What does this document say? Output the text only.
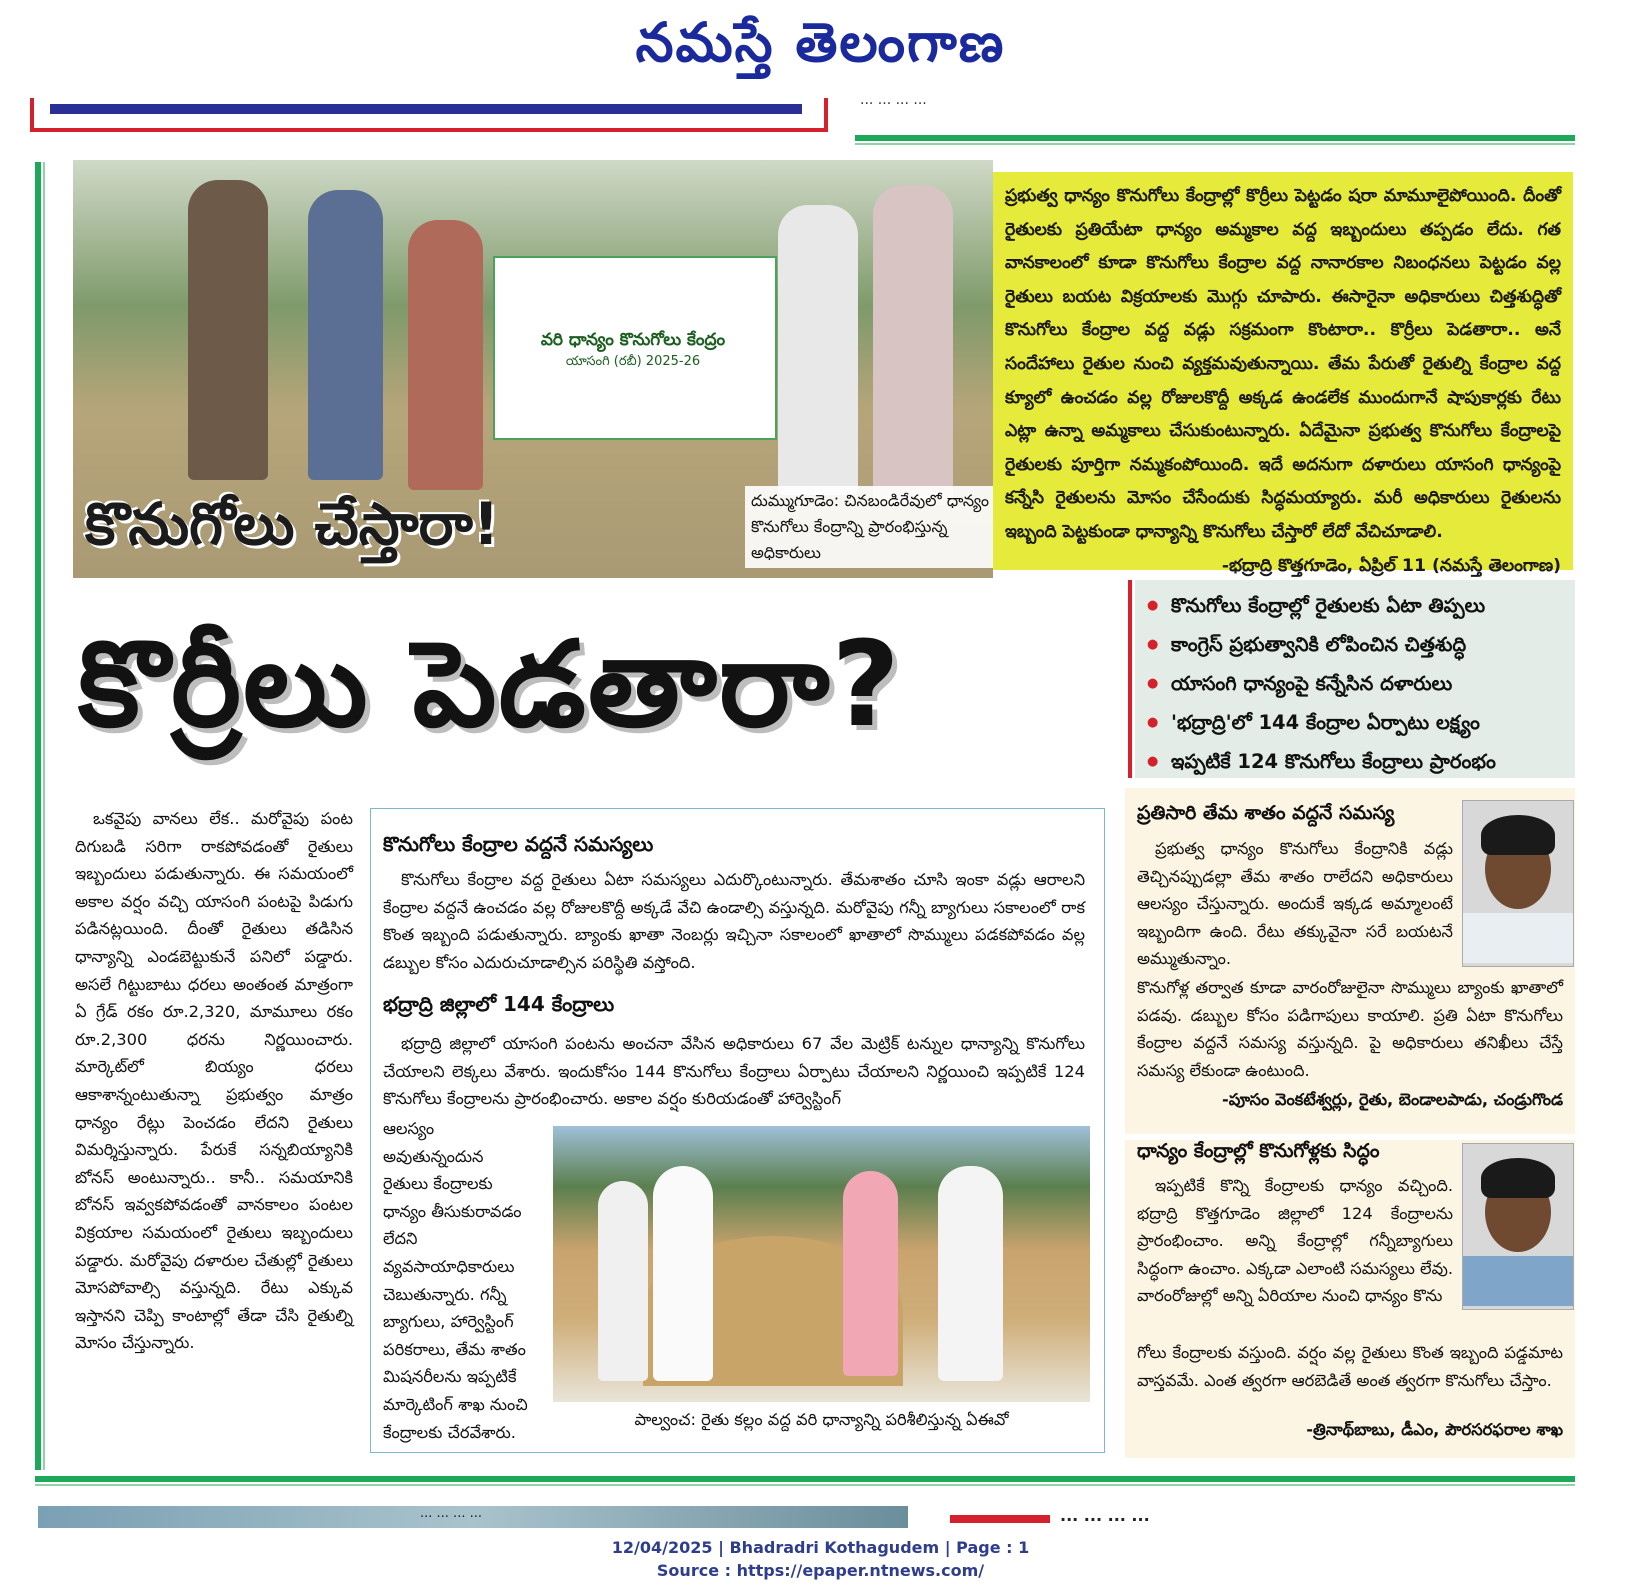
నమస్తే తెలంగాణ
... ... ... ...
వరి ధాన్యం కొనుగోలు కేంద్రం
యాసంగి (రబీ) 2025-26
కొనుగోలు చేస్తారా!	దుమ్ముగూడెం: చినబండిరేవులో ధాన్యం కొనుగోలు కేంద్రాన్ని ప్రారంభిస్తున్న అధికారులు
ప్రభుత్వ ధాన్యం కొనుగోలు కేంద్రాల్లో కొర్రీలు పెట్టడం షరా మామూలైపోయింది. దీంతో రైతులకు ప్రతియేటా ధాన్యం అమ్మకాల వద్ద ఇబ్బందులు తప్పడం లేదు. గత వానకాలంలో కూడా కొనుగోలు కేంద్రాల వద్ద నానారకాల నిబంధనలు పెట్టడం వల్ల రైతులు బయట విక్రయాలకు మొగ్గు చూపారు. ఈసారైనా అధికారులు చిత్తశుద్ధితో కొనుగోలు కేంద్రాల వద్ద వడ్లు సక్రమంగా కొంటారా.. కొర్రీలు పెడతారా.. అనే సందేహాలు రైతుల నుంచి వ్యక్తమవుతున్నాయి. తేమ పేరుతో రైతుల్ని కేంద్రాల వద్ద క్యూలో ఉంచడం వల్ల రోజులకొద్దీ అక్కడ ఉండలేక ముందుగానే షాపుకార్లకు రేటు ఎట్లా ఉన్నా అమ్మకాలు చేసుకుంటున్నారు. ఏదేమైనా ప్రభుత్వ కొనుగోలు కేంద్రాలపై రైతులకు పూర్తిగా నమ్మకంపోయింది. ఇదే అదనుగా దళారులు యాసంగి ధాన్యంపై కన్నేసి రైతులను మోసం చేసేందుకు సిద్ధమయ్యారు. మరీ అధికారులు రైతులను ఇబ్బంది పెట్టకుండా ధాన్యాన్ని కొనుగోలు చేస్తారో లేదో వేచిచూడాలి.
-భద్రాద్రి కొత్తగూడెం, ఏప్రిల్ 11 (నమస్తే తెలంగాణ)
కొర్రీలు పెడతారా?
● కొనుగోలు కేంద్రాల్లో రైతులకు ఏటా తిప్పలు
● కాంగ్రెస్ ప్రభుత్వానికి లోపించిన చిత్తశుద్ధి
● యాసంగి ధాన్యంపై కన్నేసిన దళారులు
● 'భద్రాద్రి'లో 144 కేంద్రాల ఏర్పాటు లక్ష్యం
● ఇప్పటికే 124 కొనుగోలు కేంద్రాలు ప్రారంభం

ఒకవైపు వానలు లేక.. మరోవైపు పంట దిగుబడి సరిగా రాకపోవడంతో రైతులు ఇబ్బందులు పడుతున్నారు. ఈ సమయంలో అకాల వర్షం వచ్చి యాసంగి పంటపై పిడుగు పడినట్లయింది. దీంతో రైతులు తడిసిన ధాన్యాన్ని ఎండబెట్టుకునే పనిలో పడ్డారు. అసలే గిట్టుబాటు ధరలు అంతంత మాత్రంగా ఏ గ్రేడ్ రకం రూ.2,320, మామూలు రకం రూ.2,300 ధరను నిర్ణయించారు. మార్కెట్‌లో బియ్యం ధరలు ఆకాశాన్నంటుతున్నా ప్రభుత్వం మాత్రం ధాన్యం రేట్లు పెంచడం లేదని రైతులు విమర్శిస్తున్నారు. పేరుకే సన్నబియ్యానికి బోనస్ అంటున్నారు.. కానీ.. సమయానికి బోనస్ ఇవ్వకపోవడంతో వానకాలం పంటల విక్రయాల సమయంలో రైతులు ఇబ్బందులు పడ్డారు. మరోవైపు దళారుల చేతుల్లో రైతులు మోసపోవాల్సి వస్తున్నది. రేటు ఎక్కువ ఇస్తానని చెప్పి కాంటాల్లో తేడా చేసి రైతుల్ని మోసం చేస్తున్నారు.

కొనుగోలు కేంద్రాల వద్దనే సమస్యలు
కొనుగోలు కేంద్రాల వద్ద రైతులు ఏటా సమస్యలు ఎదుర్కొంటున్నారు. తేమశాతం చూసి ఇంకా వడ్లు ఆరాలని కేంద్రాల వద్దనే ఉంచడం వల్ల రోజులకొద్దీ అక్కడే వేచి ఉండాల్సి వస్తున్నది. మరోవైపు గన్నీ బ్యాగులు సకాలంలో రాక కొంత ఇబ్బంది పడుతున్నారు. బ్యాంకు ఖాతా నెంబర్లు ఇచ్చినా సకాలంలో ఖాతాలో సొమ్ములు పడకపోవడం వల్ల డబ్బుల కోసం ఎదురుచూడాల్సిన పరిస్థితి వస్తోంది.
భద్రాద్రి జిల్లాలో 144 కేంద్రాలు
భద్రాద్రి జిల్లాలో యాసంగి పంటను అంచనా వేసిన అధికారులు 67 వేల మెట్రిక్ టన్నుల ధాన్యాన్ని కొనుగోలు చేయాలని లెక్కలు వేశారు. ఇందుకోసం 144 కొనుగోలు కేంద్రాలు ఏర్పాటు చేయాలని నిర్ణయించి ఇప్పటికే 124 కొనుగోలు కేంద్రాలను ప్రారంభించారు. అకాల వర్షం కురియడంతో హార్వెస్టింగ్
ఆలస్యం అవుతున్నందున రైతులు కేంద్రాలకు ధాన్యం తీసుకురావడం లేదని వ్యవసాయాధికారులు చెబుతున్నారు. గన్నీ బ్యాగులు, హార్వెస్టింగ్ పరికరాలు, తేమ శాతం మిషనరీలను ఇప్పటికే మార్కెటింగ్ శాఖ నుంచి కేంద్రాలకు చేరవేశారు.
పాల్వంచ: రైతు కల్లం వద్ద వరి ధాన్యాన్ని పరిశీలిస్తున్న ఏఈవో
ప్రతిసారి తేమ శాతం వద్దనే సమస్య
ప్రభుత్వ ధాన్యం కొనుగోలు కేంద్రానికి వడ్లు తెచ్చినప్పుడల్లా తేమ శాతం రాలేదని అధికారులు ఆలస్యం చేస్తున్నారు. అందుకే ఇక్కడ అమ్మాలంటే ఇబ్బందిగా ఉంది. రేటు తక్కువైనా సరే బయటనే అమ్ముతున్నాం.
కొనుగోళ్ల తర్వాత కూడా వారంరోజులైనా సొమ్ములు బ్యాంకు ఖాతాలో పడవు. డబ్బుల కోసం పడిగాపులు కాయాలి. ప్రతి ఏటా కొనుగోలు కేంద్రాల వద్దనే సమస్య వస్తున్నది. పై అధికారులు తనిఖీలు చేస్తే సమస్య లేకుండా ఉంటుంది.
-పూసం వెంకటేశ్వర్లు, రైతు, బెండాలపాడు, చండ్రుగొండ
ధాన్యం కేంద్రాల్లో కొనుగోళ్లకు సిద్ధం
ఇప్పటికే కొన్ని కేంద్రాలకు ధాన్యం వచ్చింది. భద్రాద్రి కొత్తగూడెం జిల్లాలో 124 కేంద్రాలను ప్రారంభించాం. అన్ని కేంద్రాల్లో గన్నీబ్యాగులు సిద్ధంగా ఉంచాం. ఎక్కడా ఎలాంటి సమస్యలు లేవు. వారంరోజుల్లో అన్ని ఏరియాల నుంచి ధాన్యం కొను
గోలు కేంద్రాలకు వస్తుంది. వర్షం వల్ల రైతులు కొంత ఇబ్బంది పడ్డమాట వాస్తవమే. ఎంత త్వరగా ఆరబెడితే అంత త్వరగా కొనుగోలు చేస్తాం.
-త్రినాథ్‌బాబు, డీఎం, పౌరసరఫరాల శాఖ
... ... ... ...	... ... ... ...
12/04/2025 | Bhadradri Kothagudem | Page : 1
Source : https://epaper.ntnews.com/
